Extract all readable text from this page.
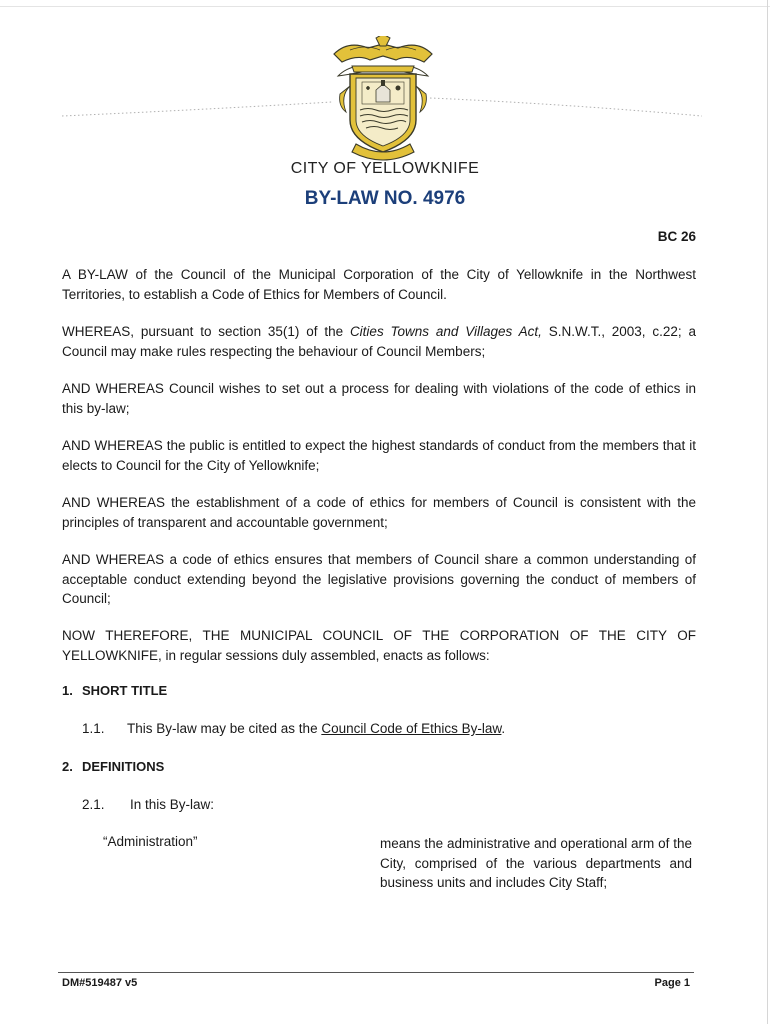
CITY OF YELLOWKNIFE
BY-LAW NO. 4976
BC 26

A BY-LAW of the Council of the Municipal Corporation of the City of Yellowknife in the Northwest Territories, to establish a Code of Ethics for Members of Council.

WHEREAS, pursuant to section 35(1) of the Cities Towns and Villages Act, S.N.W.T., 2003, c.22; a Council may make rules respecting the behaviour of Council Members;

AND WHEREAS Council wishes to set out a process for dealing with violations of the code of ethics in this by-law;

AND WHEREAS the public is entitled to expect the highest standards of conduct from the members that it elects to Council for the City of Yellowknife;

AND WHEREAS the establishment of a code of ethics for members of Council is consistent with the principles of transparent and accountable government;

AND WHEREAS a code of ethics ensures that members of Council share a common understanding of acceptable conduct extending beyond the legislative provisions governing the conduct of members of Council;

NOW THEREFORE, THE MUNICIPAL COUNCIL OF THE CORPORATION OF THE CITY OF YELLOWKNIFE, in regular sessions duly assembled, enacts as follows:

1. SHORT TITLE
1.1. This By-law may be cited as the Council Code of Ethics By-law.
2. DEFINITIONS
2.1. In this By-law:
“Administration”	means the administrative and operational arm of the City, comprised of the various departments and business units and includes City Staff;

DM#519487 v5	Page 1
